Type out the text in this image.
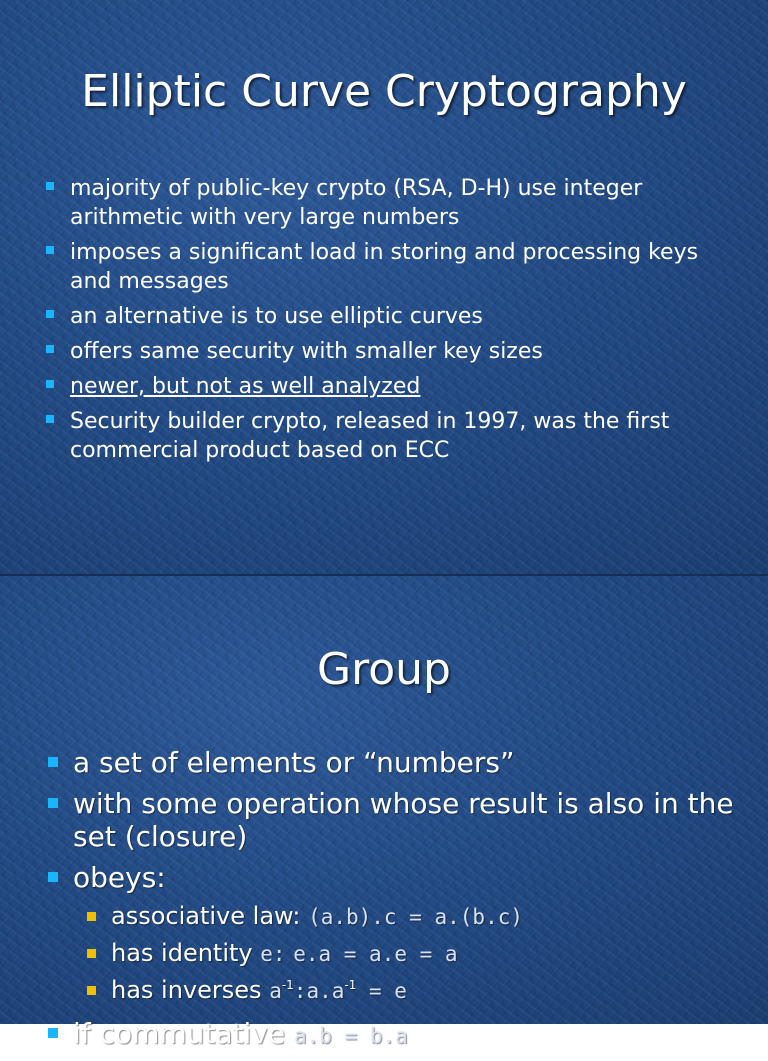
Elliptic Curve Cryptography
majority of public-key crypto (RSA, D-H) use integer arithmetic with very large numbers
imposes a significant load in storing and processing keys and messages
an alternative is to use elliptic curves
offers same security with smaller key sizes
newer, but not as well analyzed
Security builder crypto, released in 1997, was the first commercial product based on ECC
Group
a set of elements or “numbers”
with some operation whose result is also in the set (closure)
obeys:
associative law: (a.b).c = a.(b.c)
has identity e: e.a = a.e = a
has inverses $a^{-1}:a.a^{-1} = e$
if commutative a.b = b.a
